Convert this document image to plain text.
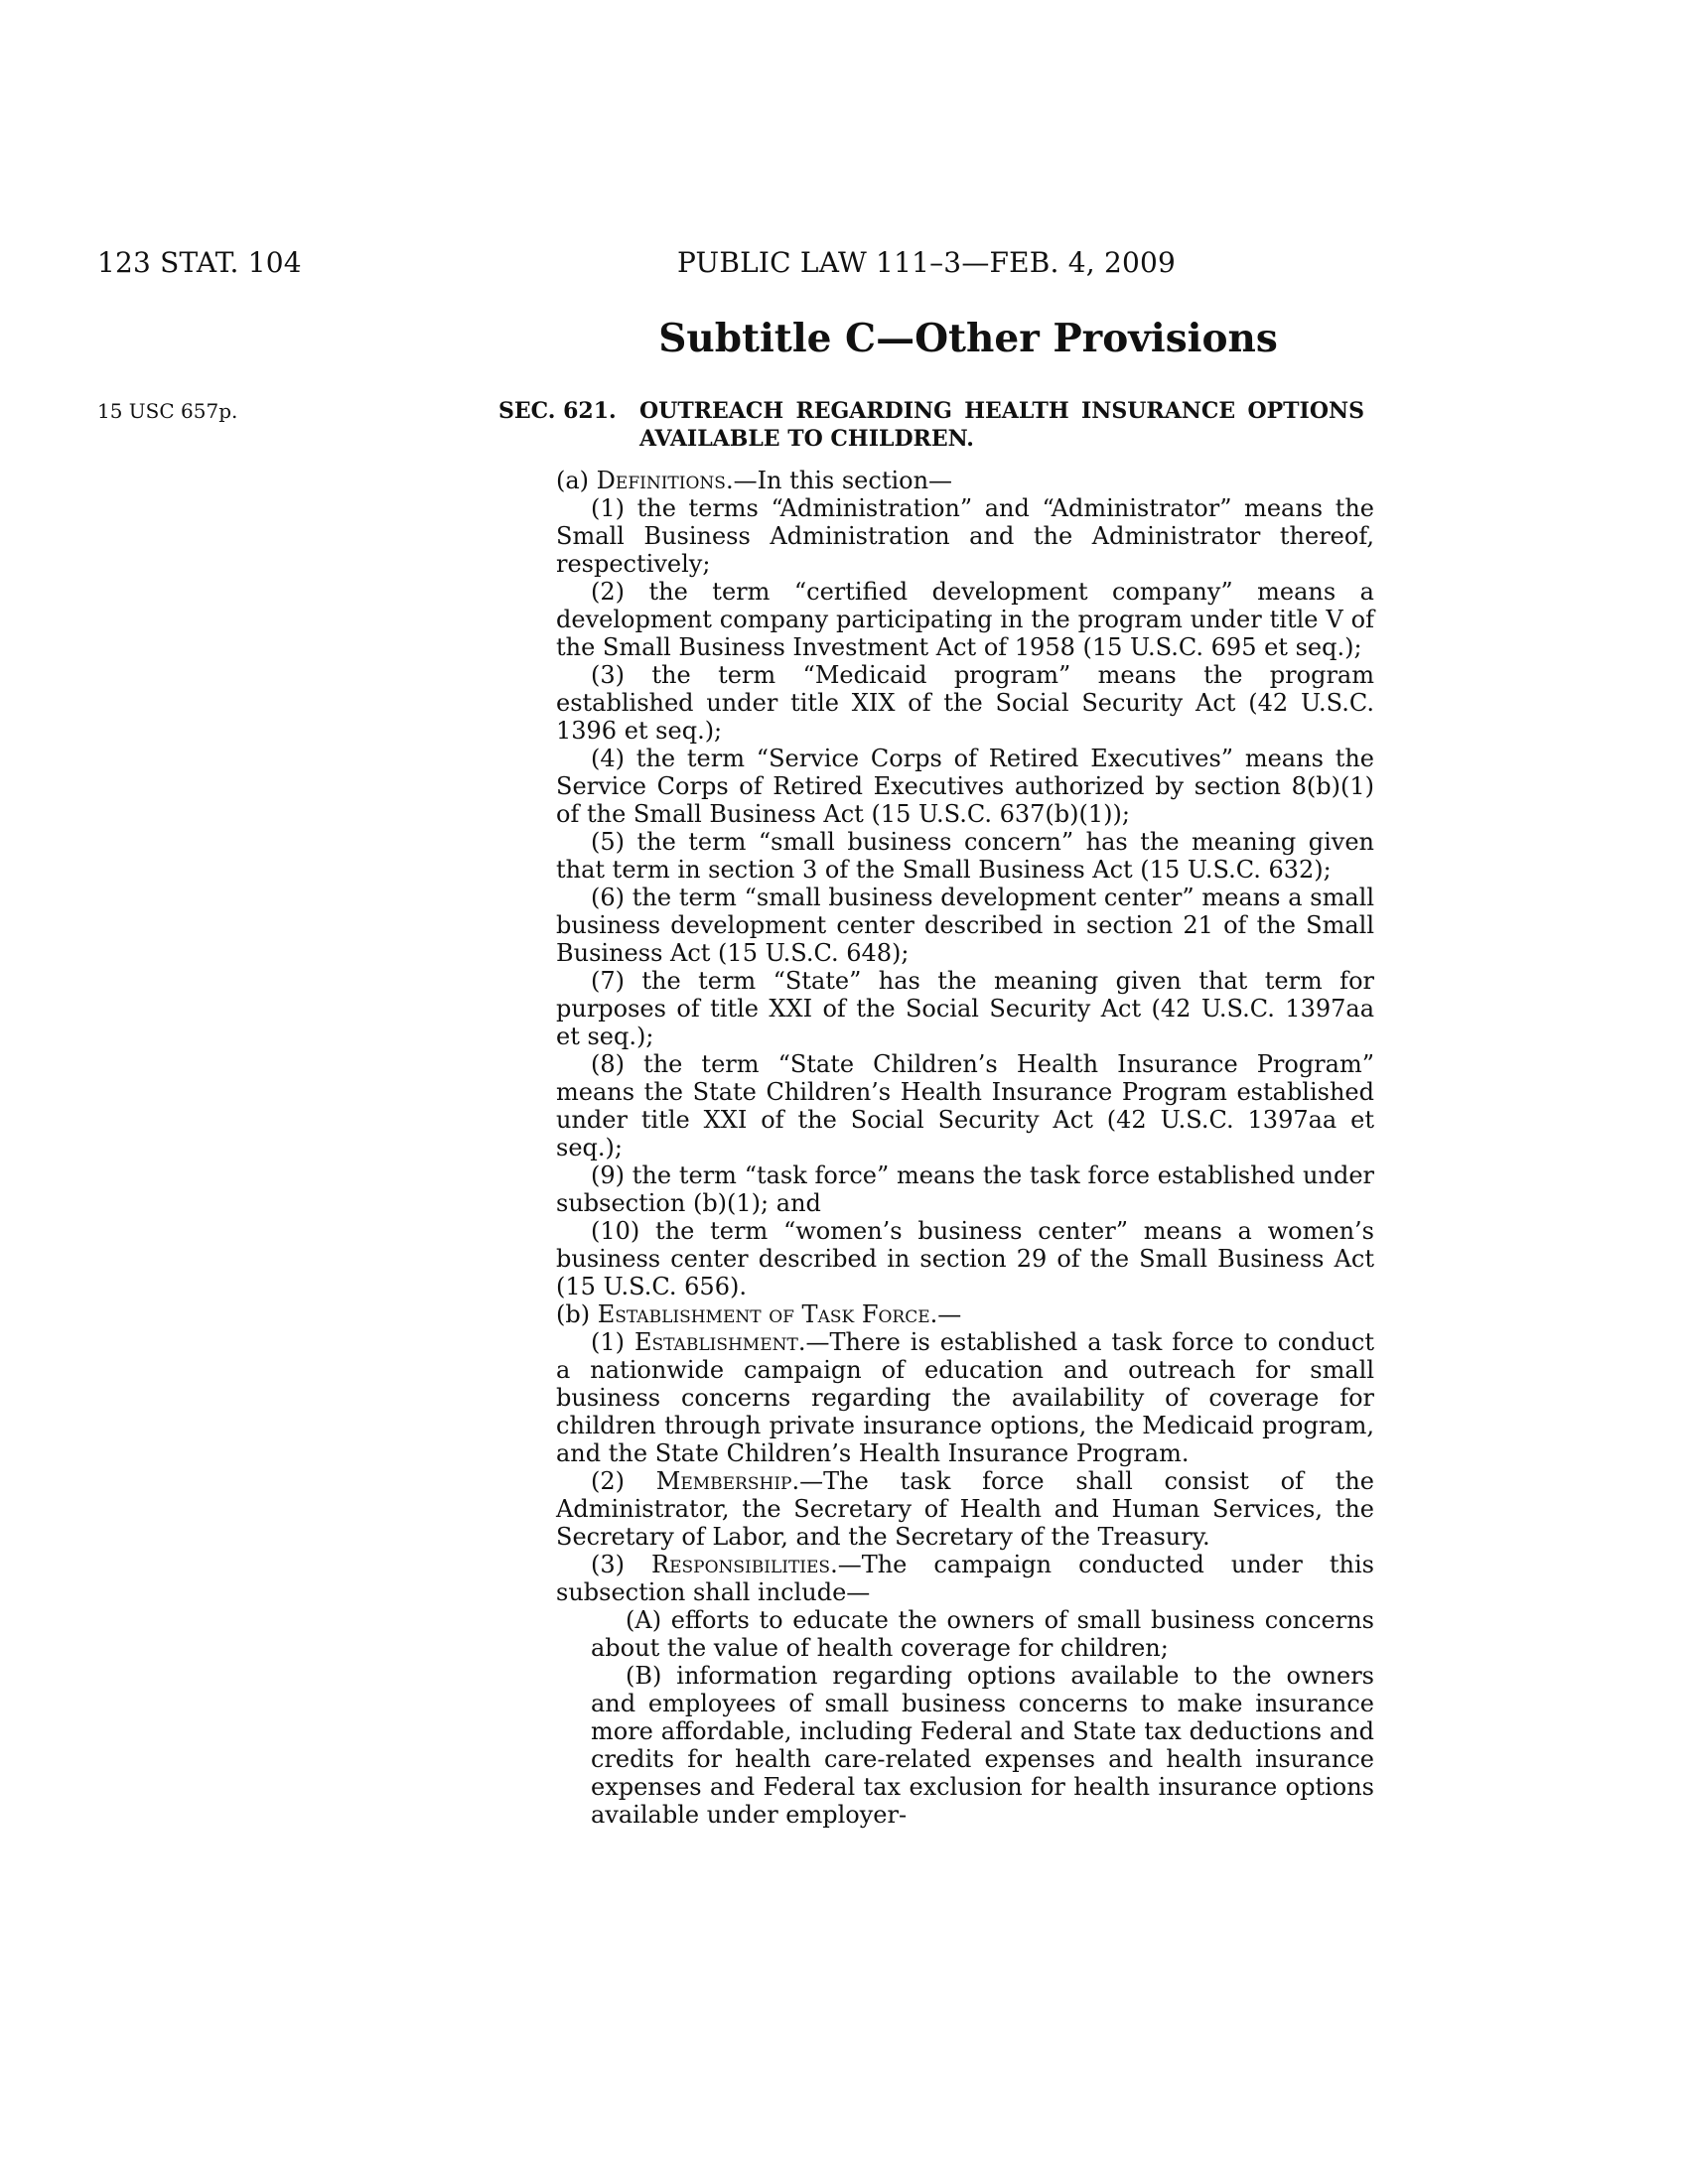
123 STAT. 104	PUBLIC LAW 111–3—FEB. 4, 2009
Subtitle C—Other Provisions
15 USC 657p.	SEC. 621. OUTREACH REGARDING HEALTH INSURANCE OPTIONS AVAILABLE TO CHILDREN.

(a) Definitions.—In this section—

(1) the terms “Administration” and “Administrator” means the Small Business Administration and the Administrator thereof, respectively;

(2) the term “certified development company” means a development company participating in the program under title V of the Small Business Investment Act of 1958 (15 U.S.C. 695 et seq.);

(3) the term “Medicaid program” means the program established under title XIX of the Social Security Act (42 U.S.C. 1396 et seq.);

(4) the term “Service Corps of Retired Executives” means the Service Corps of Retired Executives authorized by section 8(b)(1) of the Small Business Act (15 U.S.C. 637(b)(1));

(5) the term “small business concern” has the meaning given that term in section 3 of the Small Business Act (15 U.S.C. 632);

(6) the term “small business development center” means a small business development center described in section 21 of the Small Business Act (15 U.S.C. 648);

(7) the term “State” has the meaning given that term for purposes of title XXI of the Social Security Act (42 U.S.C. 1397aa et seq.);

(8) the term “State Children’s Health Insurance Program” means the State Children’s Health Insurance Program established under title XXI of the Social Security Act (42 U.S.C. 1397aa et seq.);

(9) the term “task force” means the task force established under subsection (b)(1); and

(10) the term “women’s business center” means a women’s business center described in section 29 of the Small Business Act (15 U.S.C. 656).

(b) Establishment of Task Force.—

(1) Establishment.—There is established a task force to conduct a nationwide campaign of education and outreach for small business concerns regarding the availability of coverage for children through private insurance options, the Medicaid program, and the State Children’s Health Insurance Program.

(2) Membership.—The task force shall consist of the Administrator, the Secretary of Health and Human Services, the Secretary of Labor, and the Secretary of the Treasury.

(3) Responsibilities.—The campaign conducted under this subsection shall include—

(A) efforts to educate the owners of small business concerns about the value of health coverage for children;

(B) information regarding options available to the owners and employees of small business concerns to make insurance more affordable, including Federal and State tax deductions and credits for health care-related expenses and health insurance expenses and Federal tax exclusion for health insurance options available under employer-
